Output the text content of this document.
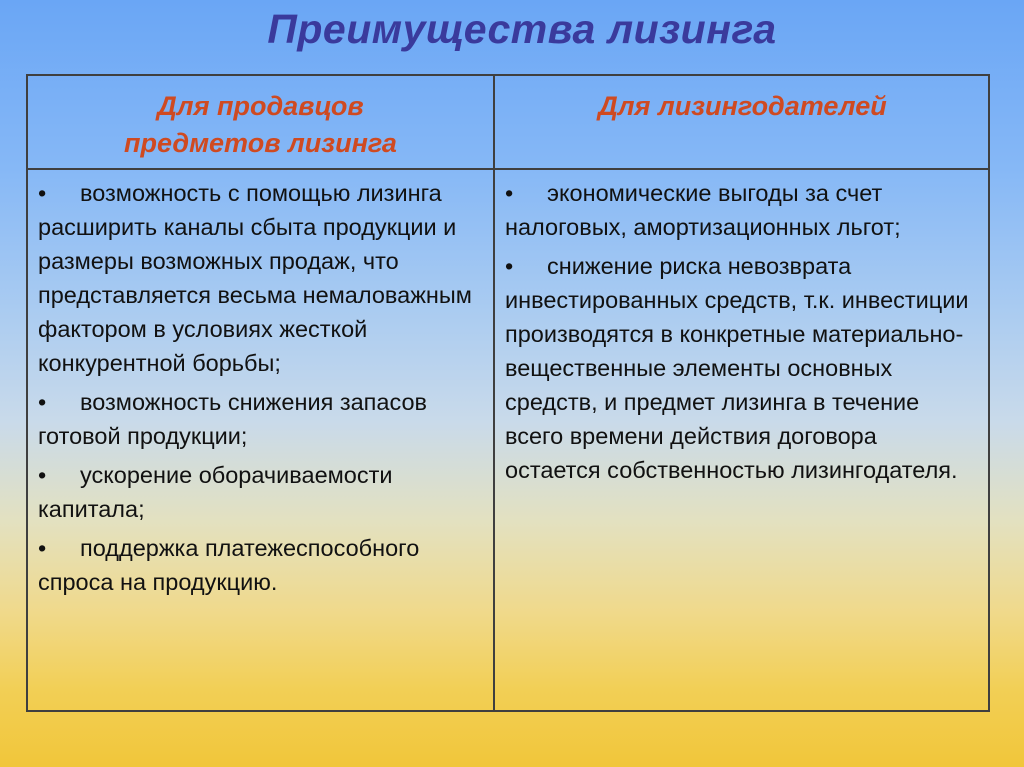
Преимущества лизинга
Для продавцов
предметов лизинга
Для лизингодателей
• возможность с помощью лизинга расширить каналы сбыта продукции и размеры возможных продаж, что представляется весьма немаловажным фактором в условиях жесткой конкурентной борьбы;
• возможность снижения запасов готовой продукции;
• ускорение оборачиваемости капитала;
• поддержка платежеспособного спроса на продукцию.
• экономические выгоды за счет налоговых, амортизационных льгот;
• снижение риска невозврата инвестированных средств, т.к. инвестиции производятся в конкретные материально-вещественные элементы основных средств, и предмет лизинга в течение всего времени действия договора остается собственностью лизингодателя.
